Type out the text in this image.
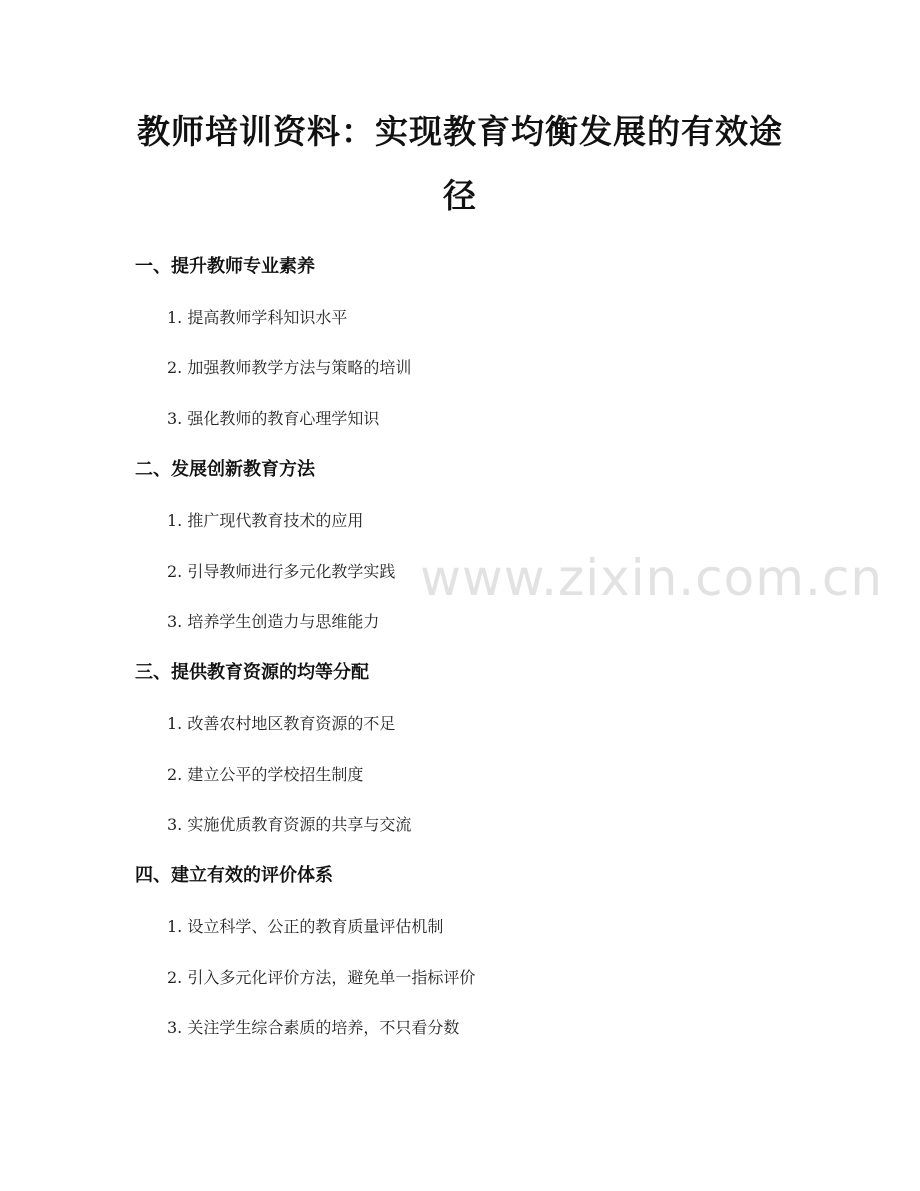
教师培训资料：实现教育均衡发展的有效途
径
一、提升教师专业素养
1. 提高教师学科知识水平
2. 加强教师教学方法与策略的培训
3. 强化教师的教育心理学知识
二、发展创新教育方法
1. 推广现代教育技术的应用
2. 引导教师进行多元化教学实践
3. 培养学生创造力与思维能力
三、提供教育资源的均等分配
1. 改善农村地区教育资源的不足
2. 建立公平的学校招生制度
3. 实施优质教育资源的共享与交流
四、建立有效的评价体系
1. 设立科学、公正的教育质量评估机制
2. 引入多元化评价方法，避免单一指标评价
3. 关注学生综合素质的培养，不只看分数
www.zixin.com.cn
